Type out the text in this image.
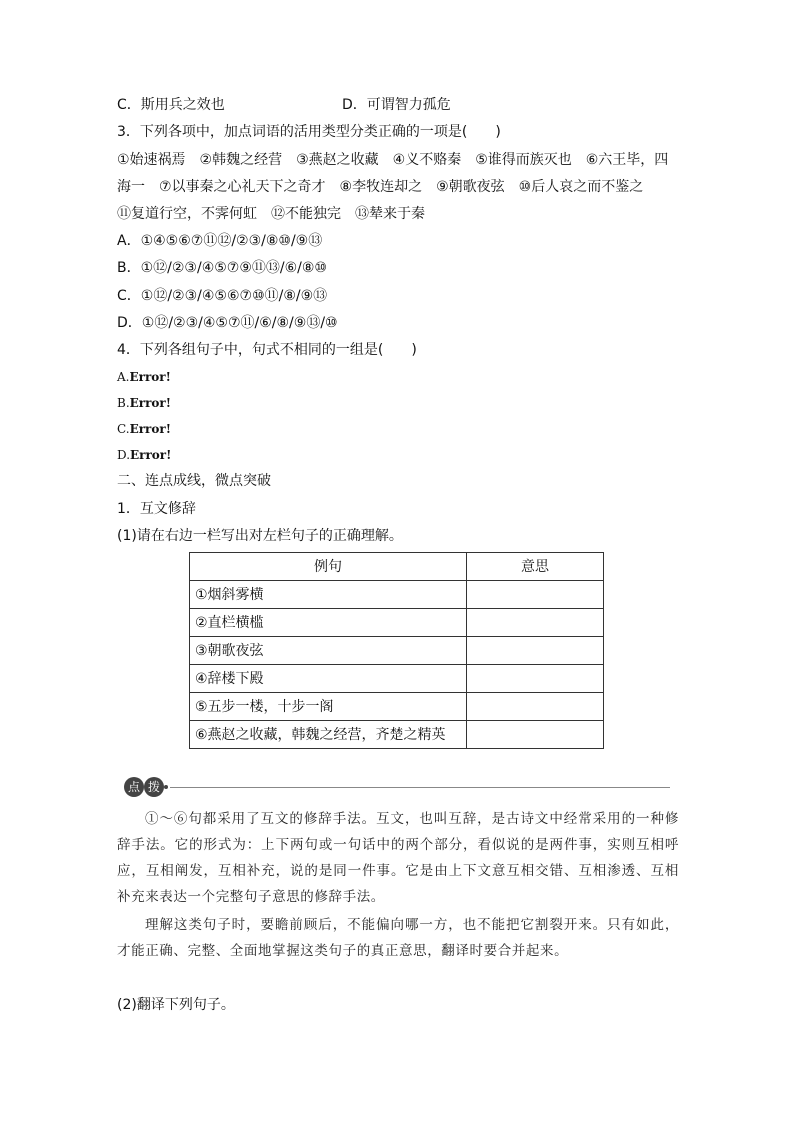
C．斯用兵之效也	D．可谓智力孤危
3．下列各项中，加点词语的活用类型分类正确的一项是(　　)
①始速祸焉　②韩魏之经营　③燕赵之收藏　④义不赂秦　⑤谁得而族灭也　⑥六王毕，四
海一　⑦以事秦之心礼天下之奇才　⑧李牧连却之　⑨朝歌夜弦　⑩后人哀之而不鉴之
⑪复道行空，不霁何虹　⑫不能独完　⑬辇来于秦
A．①④⑤⑥⑦⑪⑫/②③/⑧⑩/⑨⑬
B．①⑫/②③/④⑤⑦⑨⑪⑬/⑥/⑧⑩
C．①⑫/②③/④⑤⑥⑦⑩⑪/⑧/⑨⑬
D．①⑫/②③/④⑤⑦⑪/⑥/⑧/⑨⑬/⑩
4．下列各组句子中，句式不相同的一组是(　　)
A.Error!
B.Error!
C.Error!
D.Error!
二、连点成线，微点突破
1．互文修辞
(1)请在右边一栏写出对左栏句子的正确理解。
例句	意思
①烟斜雾横	
②直栏横槛	
③朝歌夜弦	
④辞楼下殿	
⑤五步一楼，十步一阁	
⑥燕赵之收藏，韩魏之经营，齐楚之精英	
点 拨
①～⑥句都采用了互文的修辞手法。互文，也叫互辞，是古诗文中经常采用的一种修辞手法。它的形式为：上下两句或一句话中的两个部分，看似说的是两件事，实则互相呼应，互相阐发，互相补充，说的是同一件事。它是由上下文意互相交错、互相渗透、互相补充来表达一个完整句子意思的修辞手法。
理解这类句子时，要瞻前顾后，不能偏向哪一方，也不能把它割裂开来。只有如此，才能正确、完整、全面地掌握这类句子的真正意思，翻译时要合并起来。
(2)翻译下列句子。
